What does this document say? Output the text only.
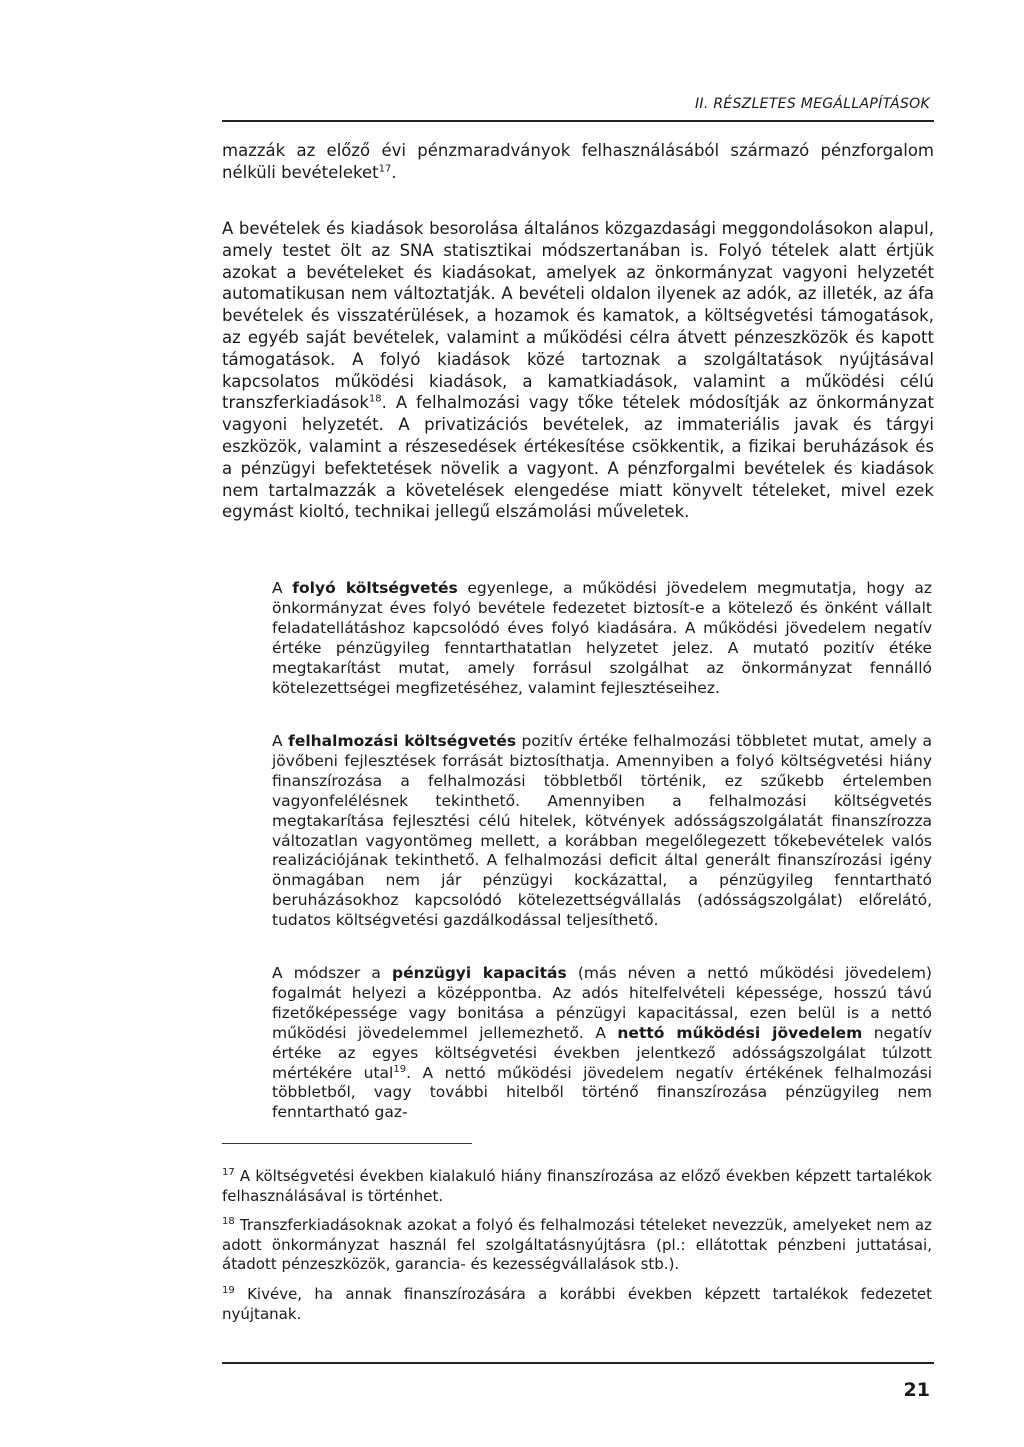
II. RÉSZLETES MEGÁLLAPÍTÁSOK

mazzák az előző évi pénzmaradványok felhasználásából származó pénzforgalom nélküli bevételeket$^{17}$.

A bevételek és kiadások besorolása általános közgazdasági meggondolásokon alapul, amely testet ölt az SNA statisztikai módszertanában is. Folyó tételek alatt értjük azokat a bevételeket és kiadásokat, amelyek az önkormányzat vagyoni helyzetét automatikusan nem változtatják. A bevételi oldalon ilyenek az adók, az illeték, az áfa bevételek és visszatérülések, a hozamok és kamatok, a költségvetési támogatások, az egyéb saját bevételek, valamint a működési célra átvett pénzeszközök és kapott támogatások. A folyó kiadások közé tartoznak a szolgáltatások nyújtásával kapcsolatos működési kiadások, a kamatkiadások, valamint a működési célú transzferkiadások$^{18}$. A felhalmozási vagy tőke tételek módosítják az önkormányzat vagyoni helyzetét. A privatizációs bevételek, az immateriális javak és tárgyi eszközök, valamint a részesedések értékesítése csökkentik, a fizikai beruházások és a pénzügyi befektetések növelik a vagyont. A pénzforgalmi bevételek és kiadások nem tartalmazzák a követelések elengedése miatt könyvelt tételeket, mivel ezek egymást kioltó, technikai jellegű elszámolási műveletek.

A folyó költségvetés egyenlege, a működési jövedelem megmutatja, hogy az önkormányzat éves folyó bevétele fedezetet biztosít-e a kötelező és önként vállalt feladatellátáshoz kapcsolódó éves folyó kiadására. A működési jövedelem negatív értéke pénzügyileg fenntarthatatlan helyzetet jelez. A mutató pozitív étéke megtakarítást mutat, amely forrásul szolgálhat az önkormányzat fennálló kötelezettségei megfizetéséhez, valamint fejlesztéseihez.

A felhalmozási költségvetés pozitív értéke felhalmozási többletet mutat, amely a jövőbeni fejlesztések forrását biztosíthatja. Amennyiben a folyó költségvetési hiány finanszírozása a felhalmozási többletből történik, ez szűkebb értelemben vagyonfelélésnek tekinthető. Amennyiben a felhalmozási költségvetés megtakarítása fejlesztési célú hitelek, kötvények adósságszolgálatát finanszírozza változatlan vagyontömeg mellett, a korábban megelőlegezett tőkebevételek valós realizációjának tekinthető. A felhalmozási deficit által generált finanszírozási igény önmagában nem jár pénzügyi kockázattal, a pénzügyileg fenntartható beruházásokhoz kapcsolódó kötelezettségvállalás (adósságszolgálat) előrelátó, tudatos költségvetési gazdálkodással teljesíthető.

A módszer a pénzügyi kapacitás (más néven a nettó működési jövedelem) fogalmát helyezi a középpontba. Az adós hitelfelvételi képessége, hosszú távú fizetőképessége vagy bonitása a pénzügyi kapacitással, ezen belül is a nettó működési jövedelemmel jellemezhető. A nettó működési jövedelem negatív értéke az egyes költségvetési években jelentkező adósságszolgálat túlzott mértékére utal$^{19}$. A nettó működési jövedelem negatív értékének felhalmozási többletből, vagy további hitelből történő finanszírozása pénzügyileg nem fenntartható gaz-

$^{17}$ A költségvetési években kialakuló hiány finanszírozása az előző években képzett tartalékok felhasználásával is történhet.

$^{18}$ Transzferkiadásoknak azokat a folyó és felhalmozási tételeket nevezzük, amelyeket nem az adott önkormányzat használ fel szolgáltatásnyújtásra (pl.: ellátottak pénzbeni juttatásai, átadott pénzeszközök, garancia- és kezességvállalások stb.).

$^{19}$ Kivéve, ha annak finanszírozására a korábbi években képzett tartalékok fedezetet nyújtanak.

21
